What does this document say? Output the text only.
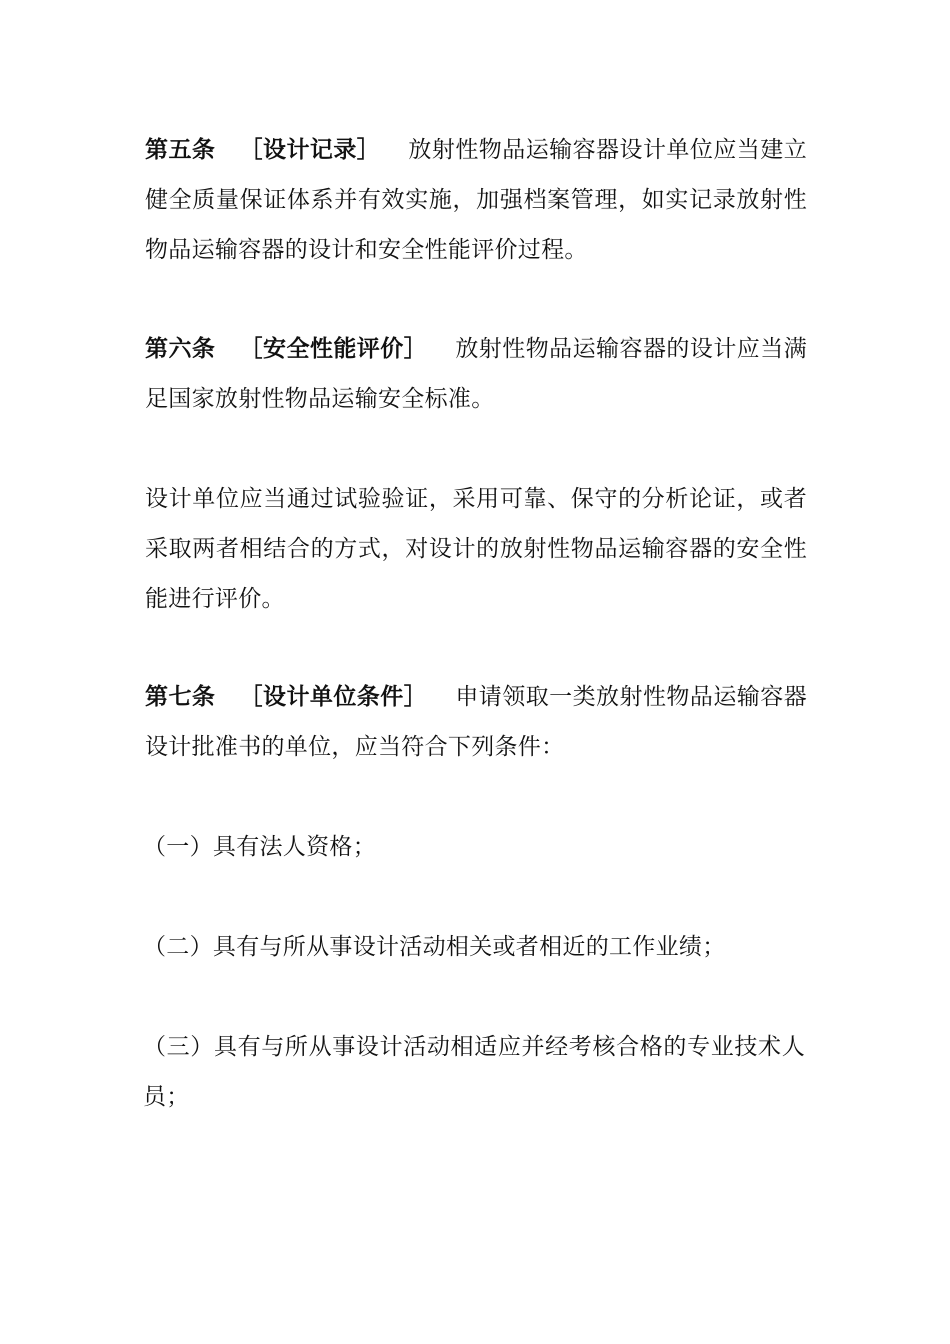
第五条 ［设计记录］ 放射性物品运输容器设计单位应当建立健全质量保证体系并有效实施，加强档案管理，如实记录放射性物品运输容器的设计和安全性能评价过程。

第六条 ［安全性能评价］ 放射性物品运输容器的设计应当满足国家放射性物品运输安全标准。

设计单位应当通过试验验证，采用可靠、保守的分析论证，或者采取两者相结合的方式，对设计的放射性物品运输容器的安全性能进行评价。

第七条 ［设计单位条件］ 申请领取一类放射性物品运输容器设计批准书的单位，应当符合下列条件：

（一）具有法人资格；

（二）具有与所从事设计活动相关或者相近的工作业绩；

（三）具有与所从事设计活动相适应并经考核合格的专业技术人员；
